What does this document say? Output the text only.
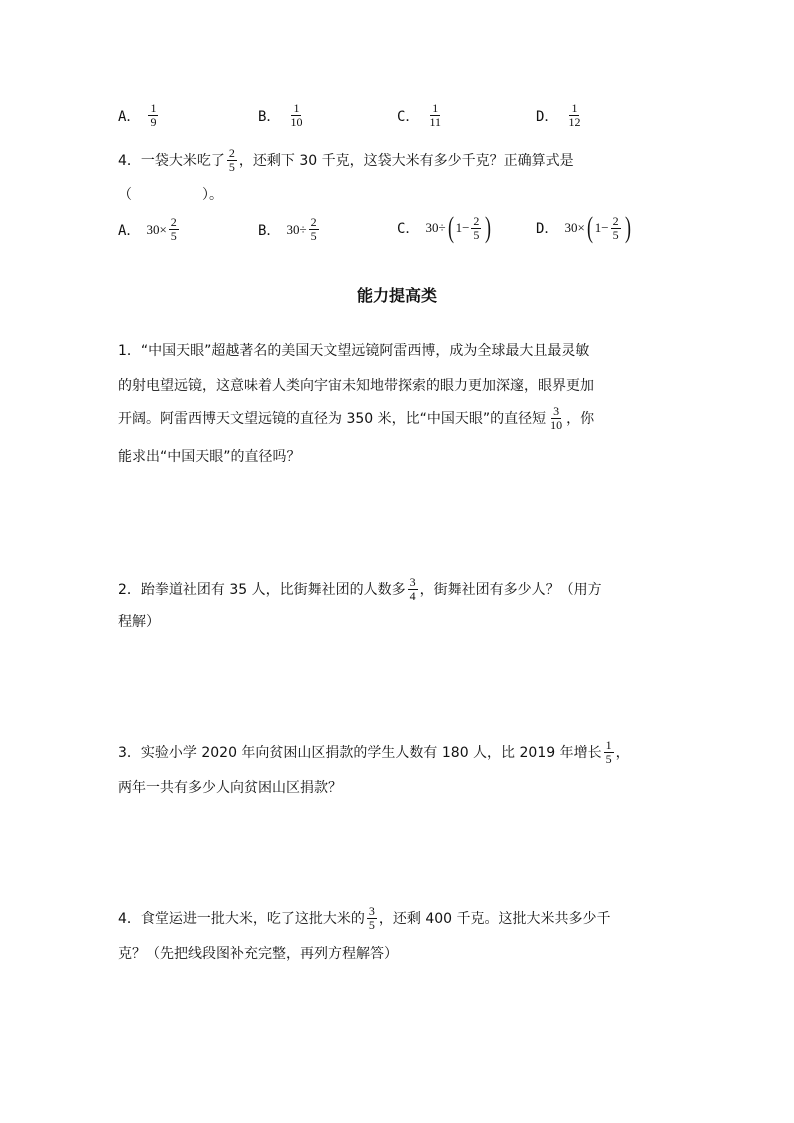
A． $\frac{1}{9}$	B． $\frac{1}{10}$	C． $\frac{1}{11}$	D． $\frac{1}{12}$
4．一袋大米吃了 $\frac{2}{5}$ ，还剩下 30 千克，这袋大米有多少千克？正确算式是
（	）。
A． $30\times \frac{2}{5}$	B． $30\div \frac{2}{5}$	C． 30÷ ( $1- \frac{2}{5}$ )	D． 30× ( $1- \frac{2}{5}$ )
能力提高类
1．“中国天眼”超越著名的美国天文望远镜阿雷西博，成为全球最大且最灵敏
的射电望远镜，这意味着人类向宇宙未知地带探索的眼力更加深邃，眼界更加
开阔。阿雷西博天文望远镜的直径为 350 米，比“中国天眼”的直径短 $\frac{3}{10}$ ，你
能求出“中国天眼”的直径吗？
2．跆拳道社团有 35 人，比街舞社团的人数多 $\frac{3}{4}$ ，街舞社团有多少人？（用方
程解）
3．实验小学 2020 年向贫困山区捐款的学生人数有 180 人，比 2019 年增长 $\frac{1}{5}$ ，
两年一共有多少人向贫困山区捐款？
4．食堂运进一批大米，吃了这批大米的 $\frac{3}{5}$ ，还剩 400 千克。这批大米共多少千
克？（先把线段图补充完整，再列方程解答）
